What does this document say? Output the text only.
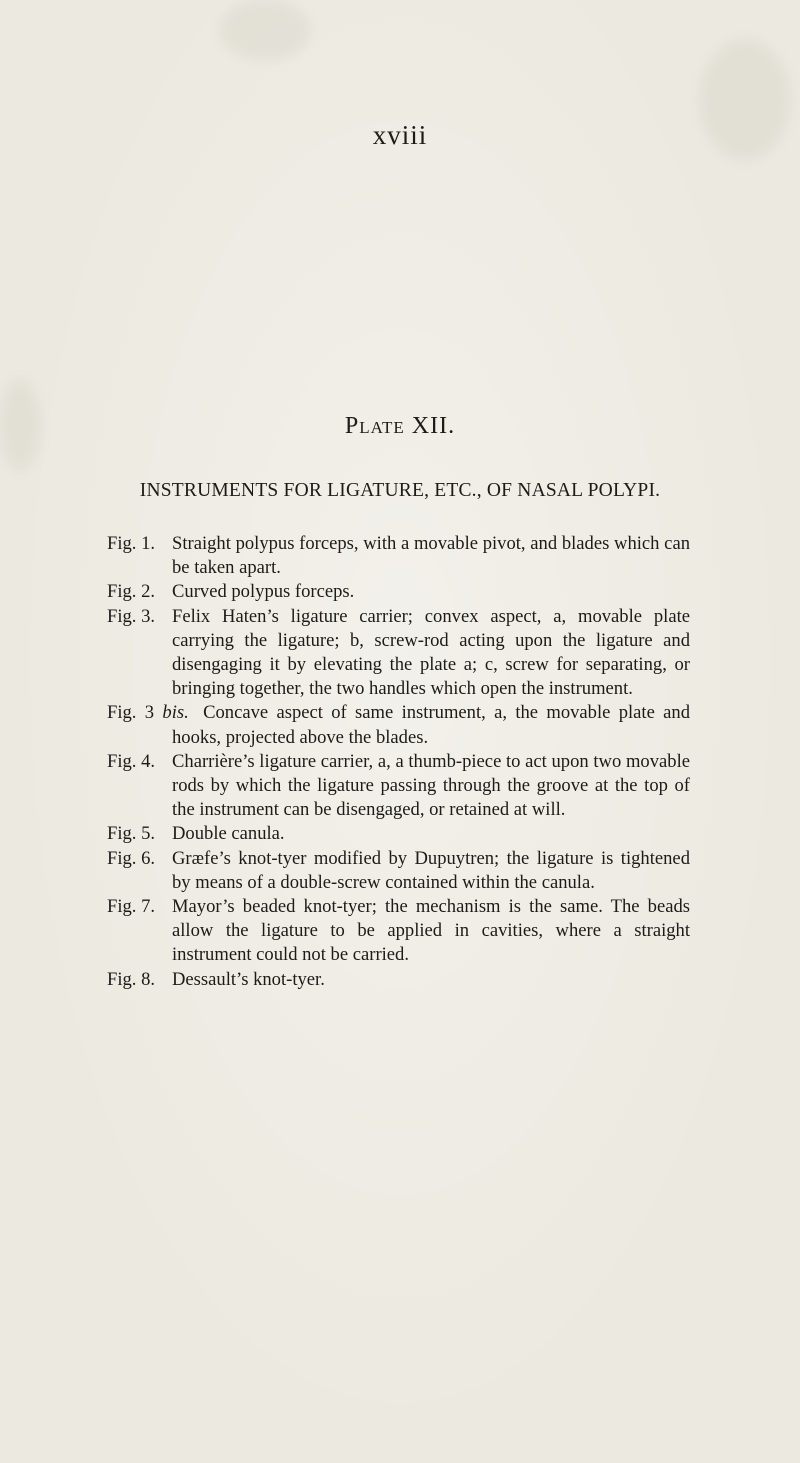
xviii
Plate XII.
INSTRUMENTS FOR LIGATURE, ETC., OF NASAL POLYPI.
Fig. 1. Straight polypus forceps, with a movable pivot, and blades which can be taken apart.
Fig. 2. Curved polypus forceps.
Fig. 3. Felix Haten’s ligature carrier; convex aspect, a, movable plate carrying the ligature; b, screw-rod acting upon the ligature and disengaging it by elevating the plate a; c, screw for separating, or bringing together, the two handles which open the instrument.
Fig. 3 bis. Concave aspect of same instrument, a, the movable plate and hooks, projected above the blades.
Fig. 4. Charrière’s ligature carrier, a, a thumb-piece to act upon two movable rods by which the ligature passing through the groove at the top of the instrument can be disengaged, or retained at will.
Fig. 5. Double canula.
Fig. 6. Græfe’s knot-tyer modified by Dupuytren; the ligature is tightened by means of a double-screw contained within the canula.
Fig. 7. Mayor’s beaded knot-tyer; the mechanism is the same. The beads allow the ligature to be applied in cavities, where a straight instrument could not be carried.
Fig. 8. Dessault’s knot-tyer.
